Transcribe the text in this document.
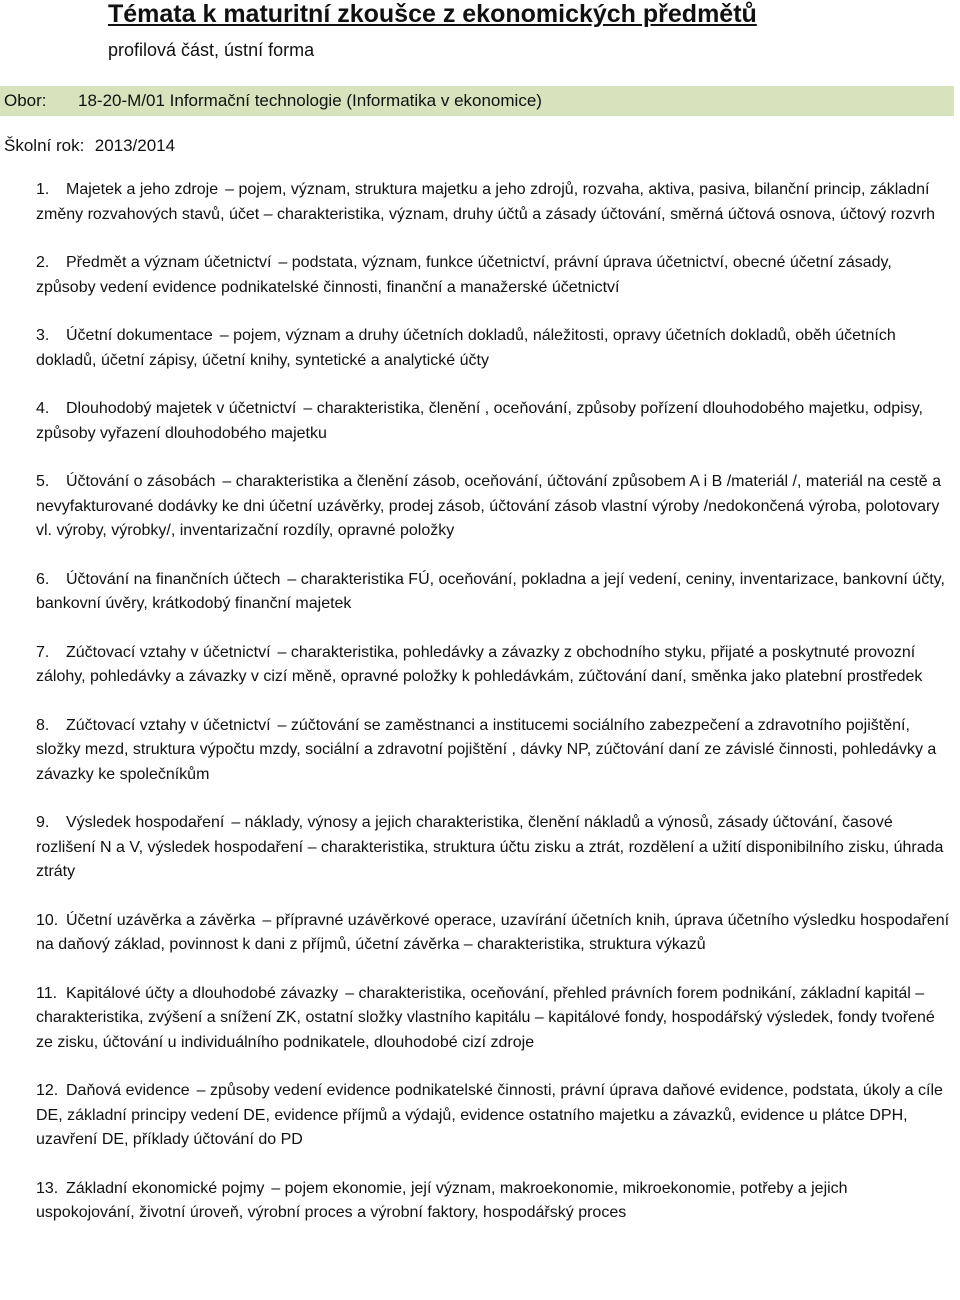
Témata k maturitní zkoušce z ekonomických předmětů
profilová část, ústní forma
Obor: 18-20-M/01 Informační technologie (Informatika v ekonomice)
Školní rok: 2013/2014
1. Majetek a jeho zdroje – pojem, význam, struktura majetku a jeho zdrojů, rozvaha, aktiva, pasiva, bilanční princip, základní změny rozvahových stavů, účet – charakteristika, význam, druhy účtů a zásady účtování, směrná účtová osnova, účtový rozvrh
2. Předmět a význam účetnictví – podstata, význam, funkce účetnictví, právní úprava účetnictví, obecné účetní zásady, způsoby vedení evidence podnikatelské činnosti, finanční a manažerské účetnictví
3. Účetní dokumentace – pojem, význam a druhy účetních dokladů, náležitosti, opravy účetních dokladů, oběh účetních dokladů, účetní zápisy, účetní knihy, syntetické a analytické účty
4. Dlouhodobý majetek v účetnictví – charakteristika, členění , oceňování, způsoby pořízení dlouhodobého majetku, odpisy, způsoby vyřazení dlouhodobého majetku
5. Účtování o zásobách – charakteristika a členění zásob, oceňování, účtování způsobem A i B /materiál /, materiál na cestě a nevyfakturované dodávky ke dni účetní uzávěrky, prodej zásob, účtování zásob vlastní výroby /nedokončená výroba, polotovary vl. výroby, výrobky/, inventarizační rozdíly, opravné položky
6. Účtování na finančních účtech – charakteristika FÚ, oceňování, pokladna a její vedení, ceniny, inventarizace, bankovní účty, bankovní úvěry, krátkodobý finanční majetek
7. Zúčtovací vztahy v účetnictví – charakteristika, pohledávky a závazky z obchodního styku, přijaté a poskytnuté provozní zálohy, pohledávky a závazky v cizí měně, opravné položky k pohledávkám, zúčtování daní, směnka jako platební prostředek
8. Zúčtovací vztahy v účetnictví – zúčtování se zaměstnanci a institucemi sociálního zabezpečení a zdravotního pojištění, složky mezd, struktura výpočtu mzdy, sociální a zdravotní pojištění , dávky NP, zúčtování daní ze závislé činnosti, pohledávky a závazky ke společníkům
9. Výsledek hospodaření – náklady, výnosy a jejich charakteristika, členění nákladů a výnosů, zásady účtování, časové rozlišení N a V, výsledek hospodaření – charakteristika, struktura účtu zisku a ztrát, rozdělení a užití disponibilního zisku, úhrada ztráty
10. Účetní uzávěrka a závěrka – přípravné uzávěrkové operace, uzavírání účetních knih, úprava účetního výsledku hospodaření na daňový základ, povinnost k dani z příjmů, účetní závěrka – charakteristika, struktura výkazů
11. Kapitálové účty a dlouhodobé závazky – charakteristika, oceňování, přehled právních forem podnikání, základní kapitál – charakteristika, zvýšení a snížení ZK, ostatní složky vlastního kapitálu – kapitálové fondy, hospodářský výsledek, fondy tvořené ze zisku, účtování u individuálního podnikatele, dlouhodobé cizí zdroje
12. Daňová evidence – způsoby vedení evidence podnikatelské činnosti, právní úprava daňové evidence, podstata, úkoly a cíle DE, základní principy vedení DE, evidence příjmů a výdajů, evidence ostatního majetku a závazků, evidence u plátce DPH, uzavření DE, příklady účtování do PD
13. Základní ekonomické pojmy – pojem ekonomie, její význam, makroekonomie, mikroekonomie, potřeby a jejich uspokojování, životní úroveň, výrobní proces a výrobní faktory, hospodářský proces
